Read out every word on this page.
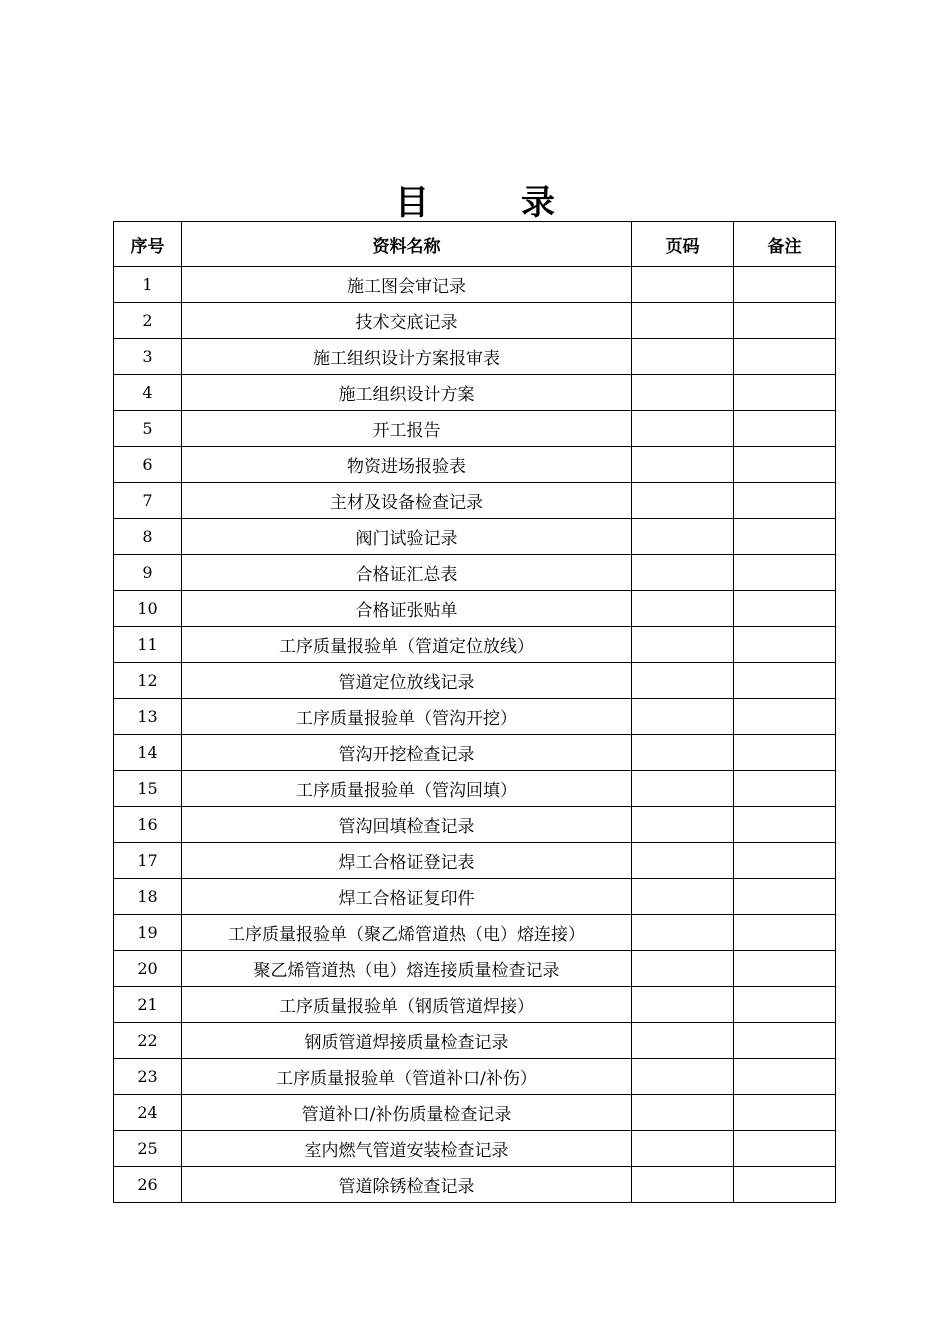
目	录
序号	资料名称	页码	备注
1	施工图会审记录		
2	技术交底记录		
3	施工组织设计方案报审表		
4	施工组织设计方案		
5	开工报告		
6	物资进场报验表		
7	主材及设备检查记录		
8	阀门试验记录		
9	合格证汇总表		
10	合格证张贴单		
11	工序质量报验单（管道定位放线）		
12	管道定位放线记录		
13	工序质量报验单（管沟开挖）		
14	管沟开挖检查记录		
15	工序质量报验单（管沟回填）		
16	管沟回填检查记录		
17	焊工合格证登记表		
18	焊工合格证复印件		
19	工序质量报验单（聚乙烯管道热（电）熔连接）		
20	聚乙烯管道热（电）熔连接质量检查记录		
21	工序质量报验单（钢质管道焊接）		
22	钢质管道焊接质量检查记录		
23	工序质量报验单（管道补口/补伤）		
24	管道补口/补伤质量检查记录		
25	室内燃气管道安装检查记录		
26	管道除锈检查记录		
